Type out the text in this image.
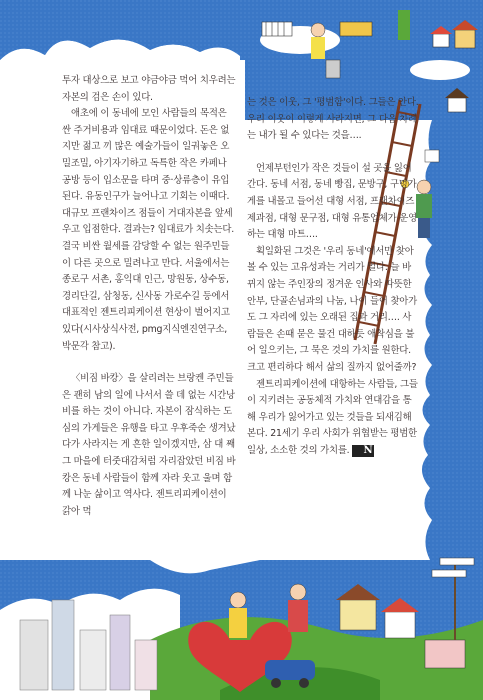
투자 대상으로 보고 야금야금 먹어 치우려는 자본의 검은 손이 있다.

애초에 이 동네에 모인 사람들의 목적은 싼 주거비용과 임대료 때문이었다. 돈은 없지만 젊고 끼 많은 예술가들이 일궈놓은 오밀조밀, 아기자기하고 독특한 작은 카페나 공방 등이 입소문을 타며 중·상류층이 유입된다. 유동인구가 늘어나고 기회는 이때다. 대규모 프랜차이즈 점들이 거대자본을 앞세우고 입점한다. 결과는? 임대료가 치솟는다. 결국 비싼 월세를 감당할 수 없는 원주민들이 다른 곳으로 밀려나고 만다. 서울에서는 종로구 서촌, 홍익대 인근, 망원동, 상수동, 경리단길, 삼청동, 신사동 가로수길 등에서 대표적인 젠트리피케이션 현상이 벌어지고 있다(시사상식사전, pmg지식엔진연구소, 박문각 참고).

〈비짐 바캉〉을 살리려는 브랑켄 주민들은 괜히 남의 일에 나서서 쓸 데 없는 시간낭비를 하는 것이 아니다. 자본이 잠식하는 도심의 가게들은 유행을 타고 우후죽순 생겨났다가 사라지는 게 흔한 일이겠지만, 삼 대 째 그 마을에 터줏대감처럼 자리잡았던 비짐 바캉은 동네 사람들이 함께 자라 웃고 울며 함께 나눈 삶이고 역사다. 젠트리피케이션이 갉아 먹

는 것은 이웃, 그 '평범함'이다. 그들은 안다. 우리 이웃이 이렇게 사라지면, 그 다음 차례는 내가 될 수 있다는 것을….

언제부턴인가 작은 것들이 설 곳을 잃어간다. 동네 서점, 동네 빵집, 문방구, 구멍가게를 내몰고 들어선 대형 서점, 프랜차이즈 제과점, 대형 문구점, 대형 유통업체가 운영하는 대형 마트….

획일화된 그것은 '우리 동네'에서만 찾아볼 수 있는 고유성과는 거리가 멀다. 늘 바뀌지 않는 주인장의 정겨운 인사와 따뜻한 안부, 단골손님과의 나눔, 나이 들어 찾아가도 그 자리에 있는 오래된 집과 거리…. 사람들은 손때 묻은 물건 대하듯 애착심을 불어 일으키는, 그 묵은 것의 가치를 원한다. 크고 편리하다 해서 삶의 질까지 없어줄까?

젠트리피케이션에 대항하는 사람들, 그들이 지키려는 공동체적 가치와 연대감을 통해 우리가 잃어가고 있는 것들을 되새김해 본다. 21세기 우리 사회가 위협받는 평범한 일상, 소소한 것의 가치를. N
